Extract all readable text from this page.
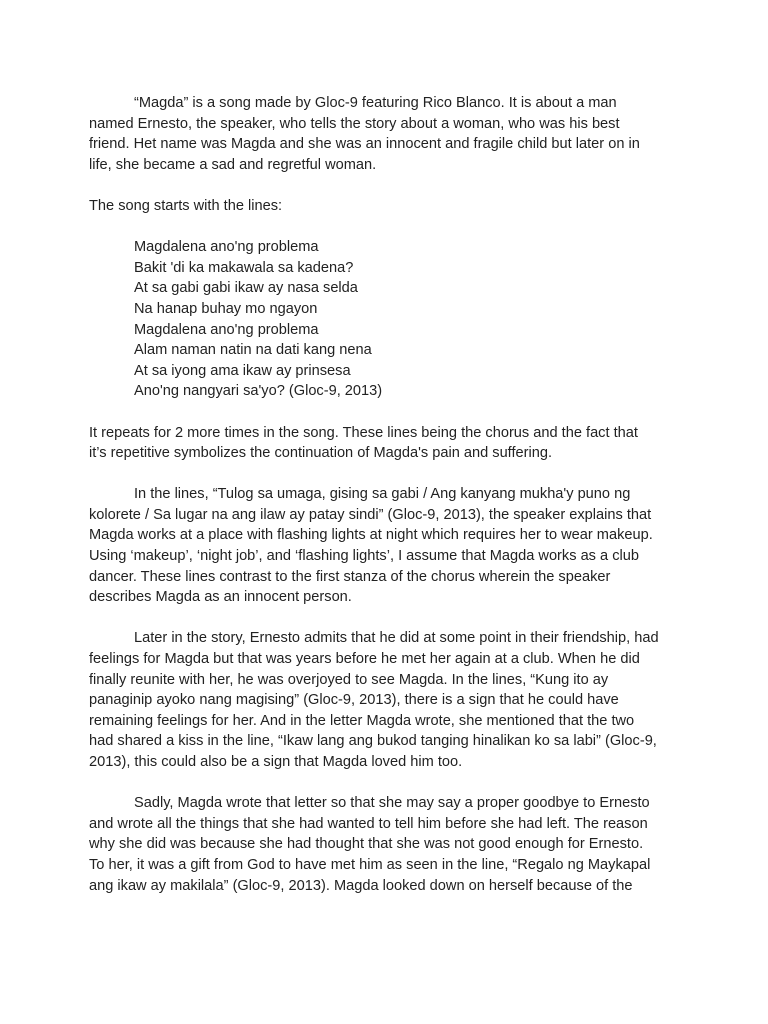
“Magda” is a song made by Gloc-9 featuring Rico Blanco. It is about a man
named Ernesto, the speaker, who tells the story about a woman, who was his best
friend. Het name was Magda and she was an innocent and fragile child but later on in
life, she became a sad and regretful woman.

The song starts with the lines:

Magdalena ano'ng problema
Bakit 'di ka makawala sa kadena?
At sa gabi gabi ikaw ay nasa selda
Na hanap buhay mo ngayon
Magdalena ano'ng problema
Alam naman natin na dati kang nena
At sa iyong ama ikaw ay prinsesa
Ano'ng nangyari sa'yo? (Gloc-9, 2013)

It repeats for 2 more times in the song. These lines being the chorus and the fact that
it’s repetitive symbolizes the continuation of Magda's pain and suffering.

In the lines, “Tulog sa umaga, gising sa gabi / Ang kanyang mukha'y puno ng
kolorete / Sa lugar na ang ilaw ay patay sindi” (Gloc-9, 2013), the speaker explains that
Magda works at a place with flashing lights at night which requires her to wear makeup.
Using ‘makeup’, ‘night job’, and ‘flashing lights’, I assume that Magda works as a club
dancer. These lines contrast to the first stanza of the chorus wherein the speaker
describes Magda as an innocent person.

Later in the story, Ernesto admits that he did at some point in their friendship, had
feelings for Magda but that was years before he met her again at a club. When he did
finally reunite with her, he was overjoyed to see Magda. In the lines, “Kung ito ay
panaginip ayoko nang magising” (Gloc-9, 2013), there is a sign that he could have
remaining feelings for her. And in the letter Magda wrote, she mentioned that the two
had shared a kiss in the line, “Ikaw lang ang bukod tanging hinalikan ko sa labi” (Gloc-9,
2013), this could also be a sign that Magda loved him too.

Sadly, Magda wrote that letter so that she may say a proper goodbye to Ernesto
and wrote all the things that she had wanted to tell him before she had left. The reason
why she did was because she had thought that she was not good enough for Ernesto.
To her, it was a gift from God to have met him as seen in the line, “Regalo ng Maykapal
ang ikaw ay makilala” (Gloc-9, 2013). Magda looked down on herself because of the
